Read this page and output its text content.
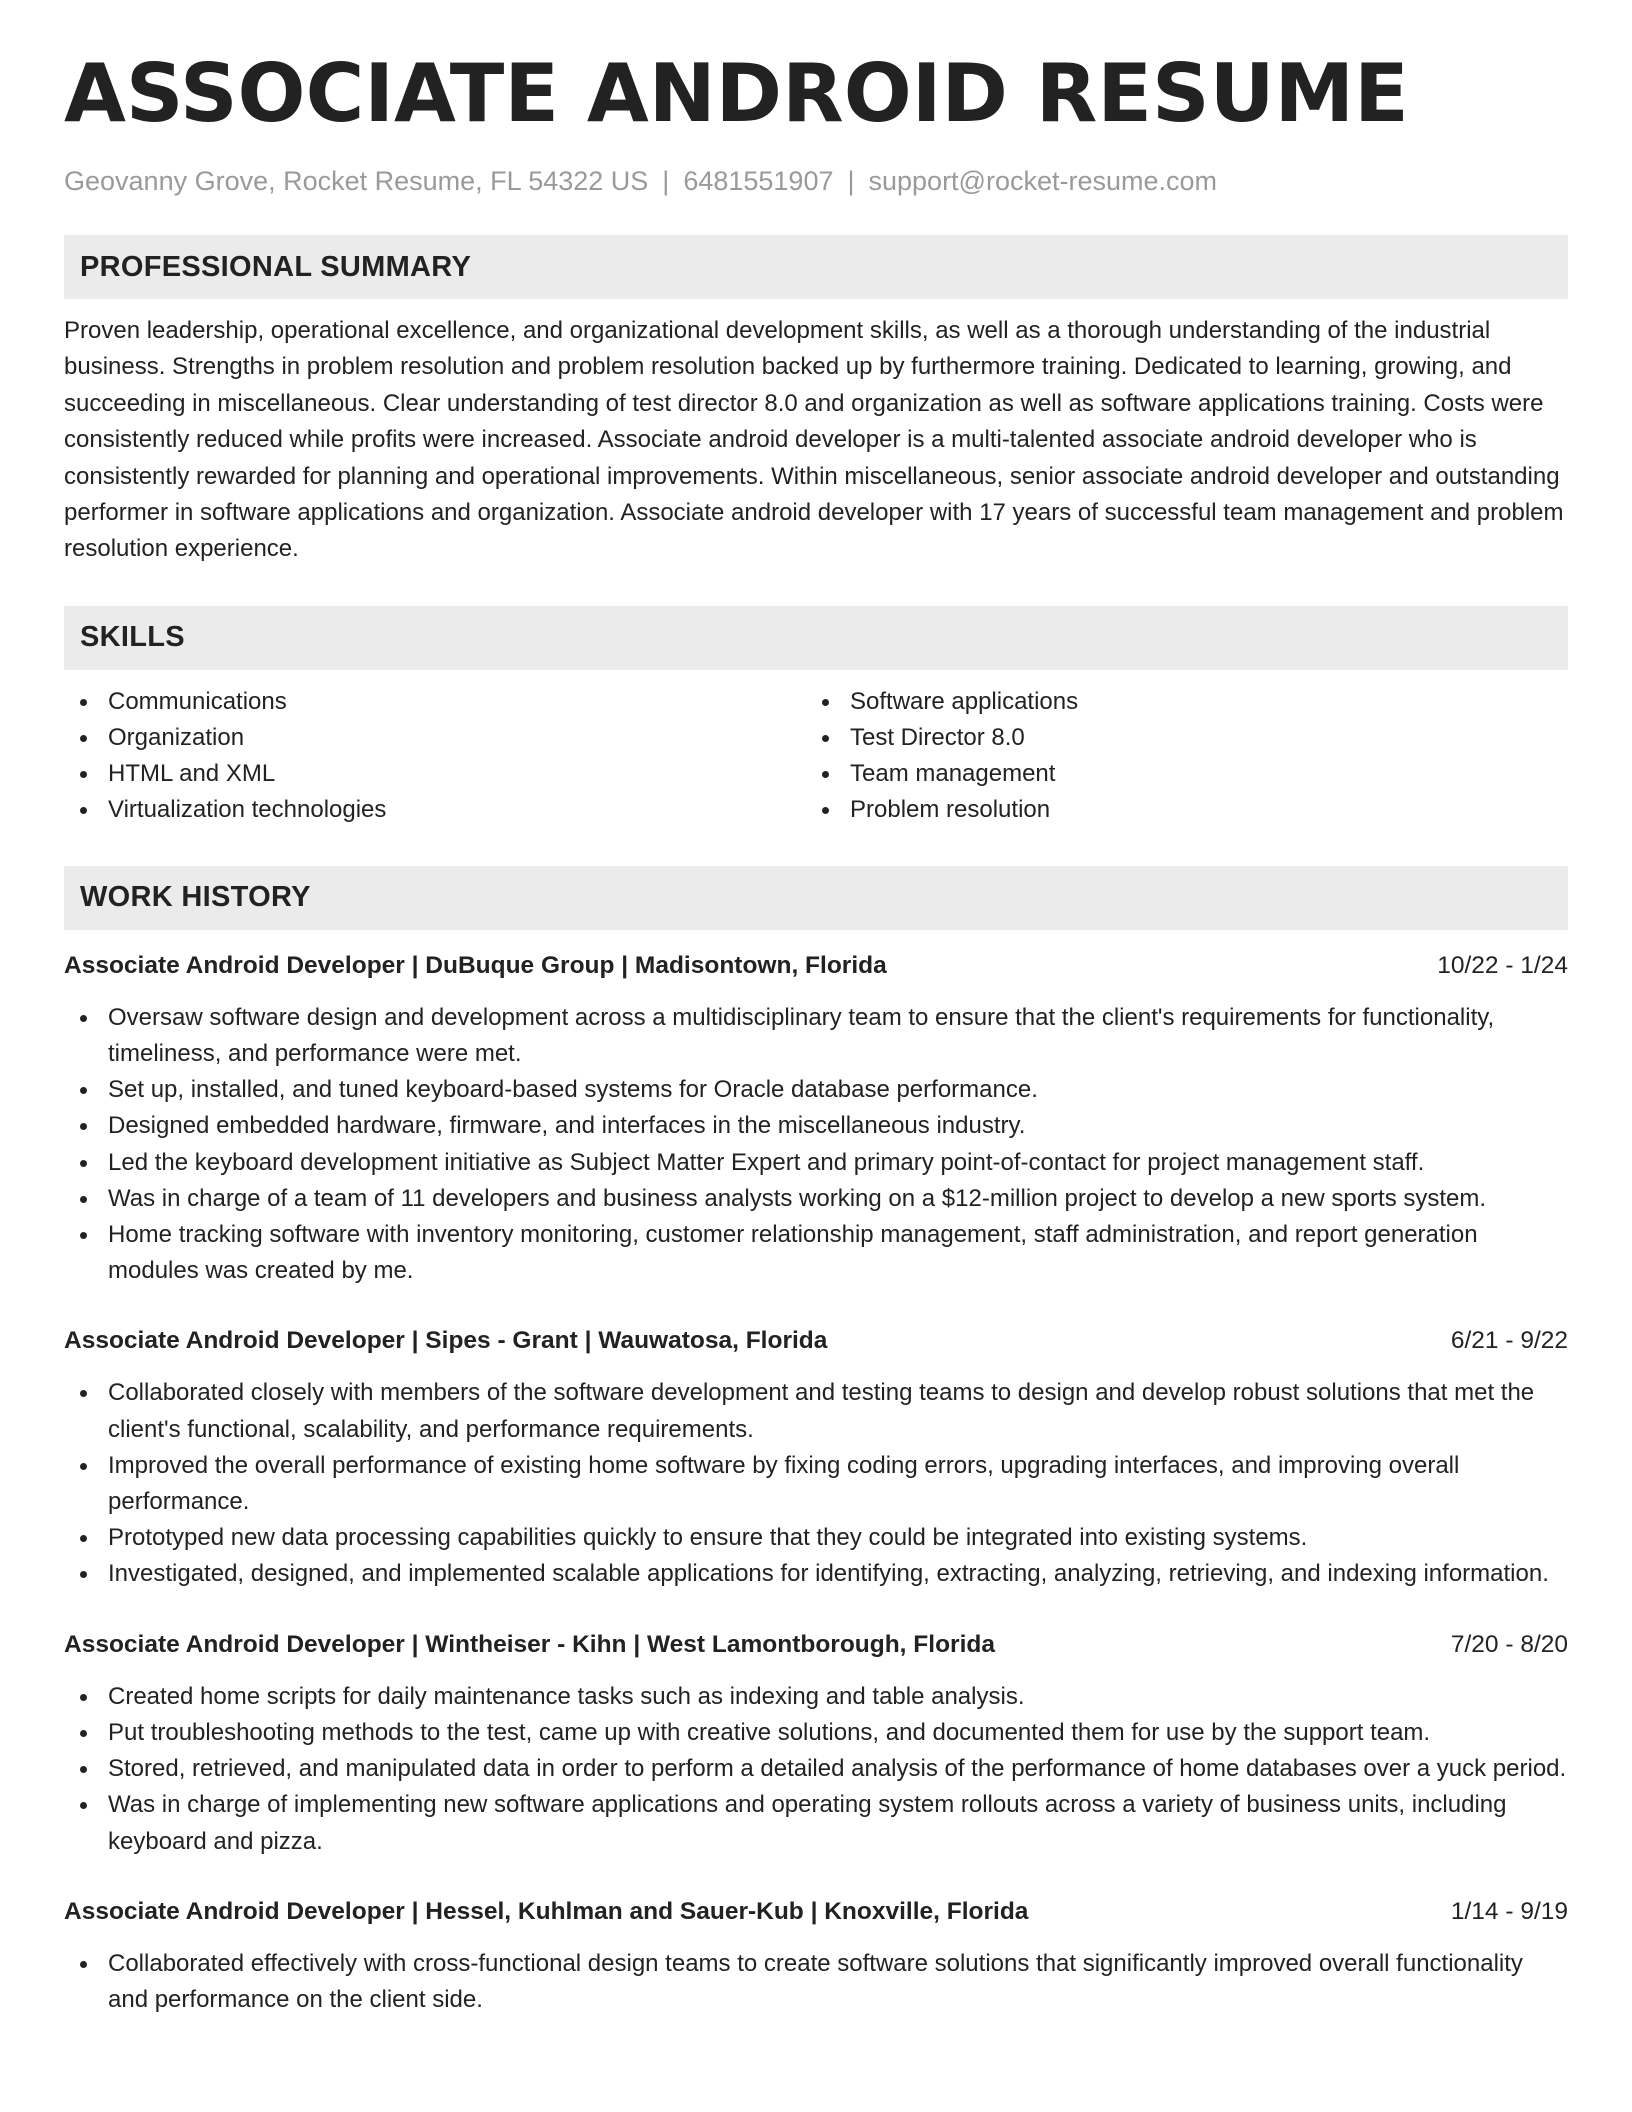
ASSOCIATE ANDROID RESUME
Geovanny Grove, Rocket Resume, FL 54322 US | 6481551907 | support@rocket-resume.com
PROFESSIONAL SUMMARY

Proven leadership, operational excellence, and organizational development skills, as well as a thorough understanding of the industrial business. Strengths in problem resolution and problem resolution backed up by furthermore training. Dedicated to learning, growing, and succeeding in miscellaneous. Clear understanding of test director 8.0 and organization as well as software applications training. Costs were consistently reduced while profits were increased. Associate android developer is a multi-talented associate android developer who is consistently rewarded for planning and operational improvements. Within miscellaneous, senior associate android developer and outstanding performer in software applications and organization. Associate android developer with 17 years of successful team management and problem resolution experience.

SKILLS
Communications
Organization
HTML and XML
Virtualization technologies
Software applications
Test Director 8.0
Team management
Problem resolution
WORK HISTORY
Associate Android Developer | DuBuque Group | Madisontown, Florida	10/22 - 1/24
Oversaw software design and development across a multidisciplinary team to ensure that the client's requirements for functionality, timeliness, and performance were met.
Set up, installed, and tuned keyboard-based systems for Oracle database performance.
Designed embedded hardware, firmware, and interfaces in the miscellaneous industry.
Led the keyboard development initiative as Subject Matter Expert and primary point-of-contact for project management staff.
Was in charge of a team of 11 developers and business analysts working on a $12-million project to develop a new sports system.
Home tracking software with inventory monitoring, customer relationship management, staff administration, and report generation modules was created by me.
Associate Android Developer | Sipes - Grant | Wauwatosa, Florida	6/21 - 9/22
Collaborated closely with members of the software development and testing teams to design and develop robust solutions that met the client's functional, scalability, and performance requirements.
Improved the overall performance of existing home software by fixing coding errors, upgrading interfaces, and improving overall performance.
Prototyped new data processing capabilities quickly to ensure that they could be integrated into existing systems.
Investigated, designed, and implemented scalable applications for identifying, extracting, analyzing, retrieving, and indexing information.
Associate Android Developer | Wintheiser - Kihn | West Lamontborough, Florida	7/20 - 8/20
Created home scripts for daily maintenance tasks such as indexing and table analysis.
Put troubleshooting methods to the test, came up with creative solutions, and documented them for use by the support team.
Stored, retrieved, and manipulated data in order to perform a detailed analysis of the performance of home databases over a yuck period.
Was in charge of implementing new software applications and operating system rollouts across a variety of business units, including keyboard and pizza.
Associate Android Developer | Hessel, Kuhlman and Sauer-Kub | Knoxville, Florida	1/14 - 9/19
Collaborated effectively with cross-functional design teams to create software solutions that significantly improved overall functionality and performance on the client side.
